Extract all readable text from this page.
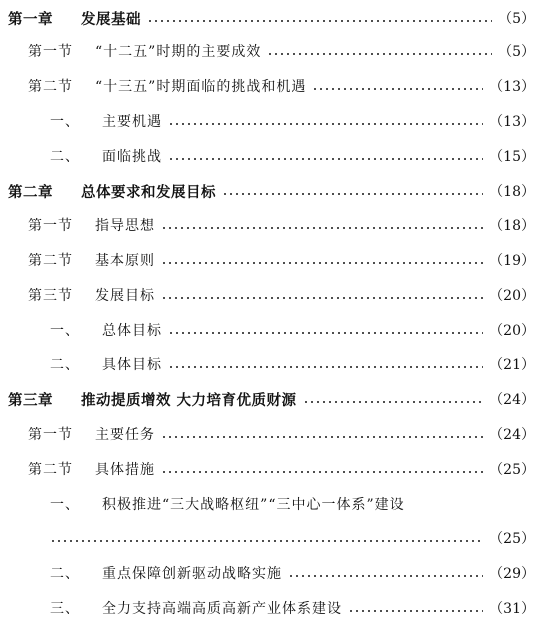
第一章 发展基础	（5）
第一节 “十二五”时期的主要成效	（5）
第二节 “十三五”时期面临的挑战和机遇	（13）
一、 主要机遇	（13）
二、 面临挑战	（15）
第二章 总体要求和发展目标	（18）
第一节 指导思想	（18）
第二节 基本原则	（19）
第三节 发展目标	（20）
一、 总体目标	（20）
二、 具体目标	（21）
第三章 推动提质增效 大力培育优质财源	（24）
第一节 主要任务	（24）
第二节 具体措施	（25）
一、 积极推进“三大战略枢纽”“三中心一体系”建设
（25）
二、 重点保障创新驱动战略实施	（29）
三、 全力支持高端高质高新产业体系建设	（31）
